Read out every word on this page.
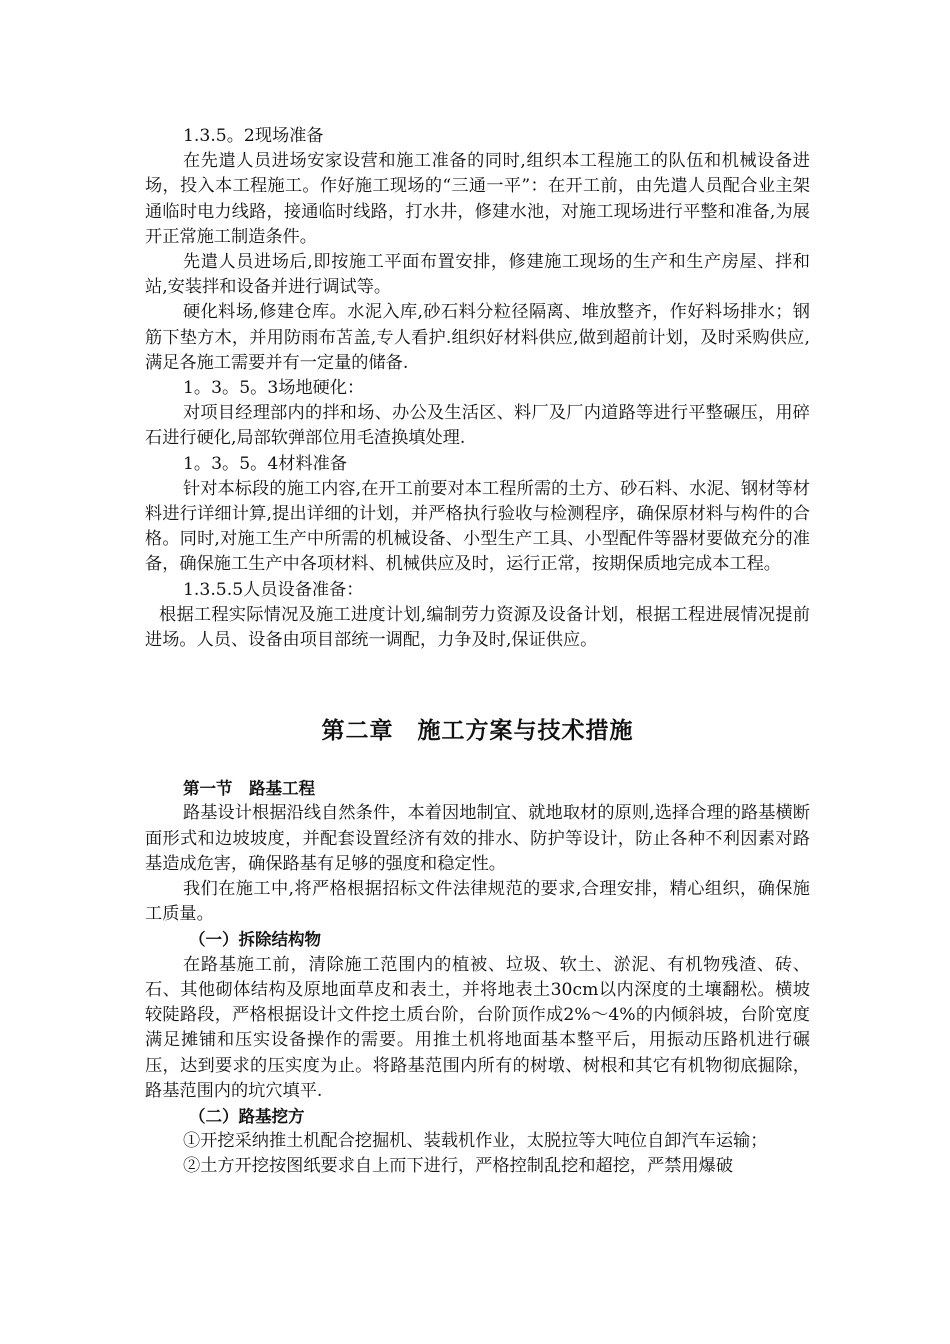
1.3.5。2现场准备

在先遣人员进场安家设营和施工准备的同时,组织本工程施工的队伍和机械设备进场，投入本工程施工。作好施工现场的“三通一平”：在开工前，由先遣人员配合业主架通临时电力线路，接通临时线路，打水井，修建水池，对施工现场进行平整和准备,为展开正常施工制造条件。

先遣人员进场后,即按施工平面布置安排，修建施工现场的生产和生产房屋、拌和站,安装拌和设备并进行调试等。

硬化料场,修建仓库。水泥入库,砂石料分粒径隔离、堆放整齐，作好料场排水；钢筋下垫方木，并用防雨布苫盖,专人看护.组织好材料供应,做到超前计划，及时采购供应,满足各施工需要并有一定量的储备.

1。3。5。3场地硬化：

对项目经理部内的拌和场、办公及生活区、料厂及厂内道路等进行平整碾压，用碎石进行硬化,局部软弹部位用毛渣换填处理.

1。3。5。4材料准备

针对本标段的施工内容,在开工前要对本工程所需的土方、砂石料、水泥、钢材等材料进行详细计算,提出详细的计划，并严格执行验收与检测程序，确保原材料与构件的合格。同时,对施工生产中所需的机械设备、小型生产工具、小型配件等器材要做充分的准备，确保施工生产中各项材料、机械供应及时，运行正常，按期保质地完成本工程。

1.3.5.5人员设备准备：

根据工程实际情况及施工进度计划,编制劳力资源及设备计划，根据工程进展情况提前进场。人员、设备由项目部统一调配，力争及时,保证供应。

第二章　施工方案与技术措施

第一节　路基工程

路基设计根据沿线自然条件，本着因地制宜、就地取材的原则,选择合理的路基横断面形式和边坡坡度，并配套设置经济有效的排水、防护等设计，防止各种不利因素对路基造成危害，确保路基有足够的强度和稳定性。

我们在施工中,将严格根据招标文件法律规范的要求,合理安排，精心组织，确保施工质量。

（一）拆除结构物

在路基施工前，清除施工范围内的植被、垃圾、软土、淤泥、有机物残渣、砖、石、其他砌体结构及原地面草皮和表土，并将地表土30cm以内深度的土壤翻松。横坡较陡路段，严格根据设计文件挖土质台阶，台阶顶作成2%～4%的内倾斜坡，台阶宽度满足摊铺和压实设备操作的需要。用推土机将地面基本整平后，用振动压路机进行碾压，达到要求的压实度为止。将路基范围内所有的树墩、树根和其它有机物彻底掘除，路基范围内的坑穴填平.

（二）路基挖方

①开挖采纳推土机配合挖掘机、装载机作业，太脱拉等大吨位自卸汽车运输；

②土方开挖按图纸要求自上而下进行，严格控制乱挖和超挖，严禁用爆破
